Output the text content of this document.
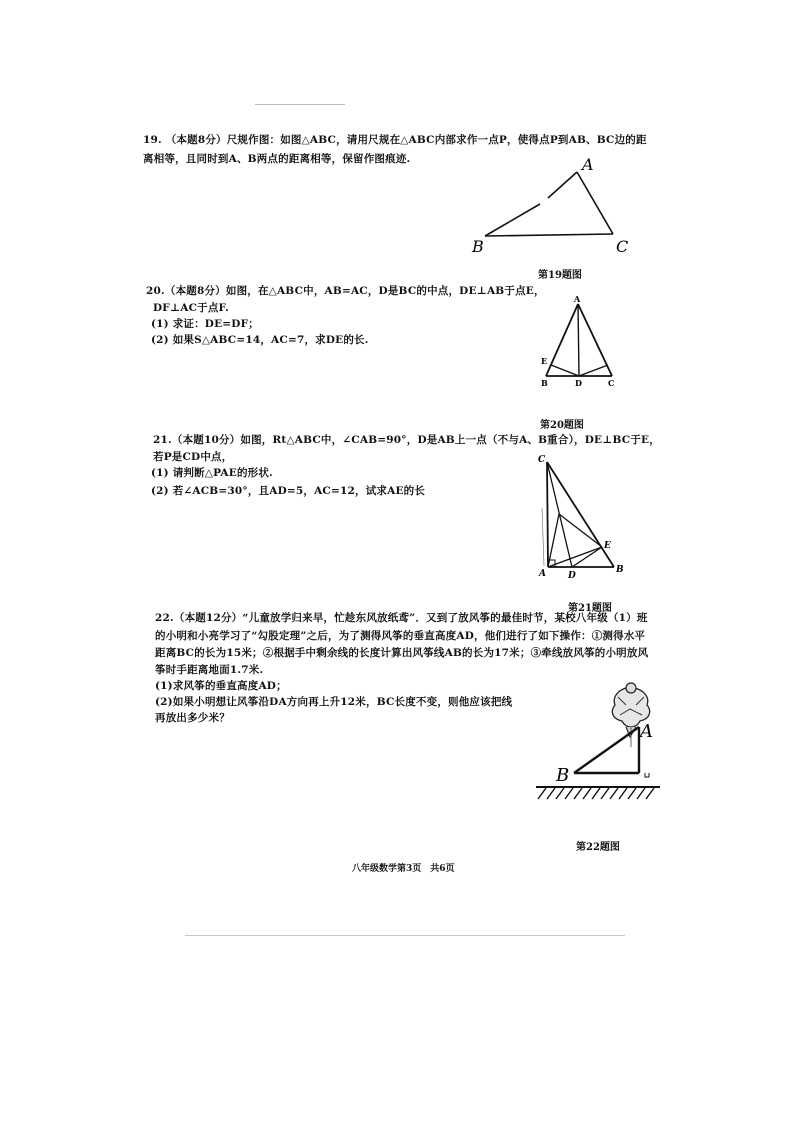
19. （本题8分）尺规作图：如图△ABC，请用尺规在△ABC内部求作一点P，使得点P到AB、BC边的距
离相等，且同时到A、B两点的距离相等，保留作图痕迹.	A
B	C
第19题图
20.（本题8分）如图，在△ABC中，AB=AC，D是BC的中点，DE⊥AB于点E，
DF⊥AC于点F.
(1) 求证：DE=DF；
(2) 如果S△ABC=14，AC=7，求DE的长.
A
E
B	D	C
第20题图
21.（本题10分）如图，Rt△ABC中，∠CAB=90°，D是AB上一点（不与A、B重合），DE⊥BC于E，
若P是CD中点，
(1) 请判断△PAE的形状.
(2) 若∠ACB=30°，且AD=5，AC=12，试求AE的长
C
A D
E
B
第21题图
22.（本题12分）“儿童放学归来早，忙趁东风放纸鸢”．又到了放风筝的最佳时节，某校八年级（1）班
的小明和小亮学习了“勾股定理”之后，为了测得风筝的垂直高度AD，他们进行了如下操作：①测得水平
距离BC的长为15米；②根据手中剩余线的长度计算出风筝线AB的长为17米；③牵线放风筝的小明放风
筝时手距离地面1.7米.
(1)求风筝的垂直高度AD；
(2)如果小明想让风筝沿DA方向再上升12米，BC长度不变，则他应该把线
再放出多少米？
A
B
第22题图
八年级数学第3页　共6页
